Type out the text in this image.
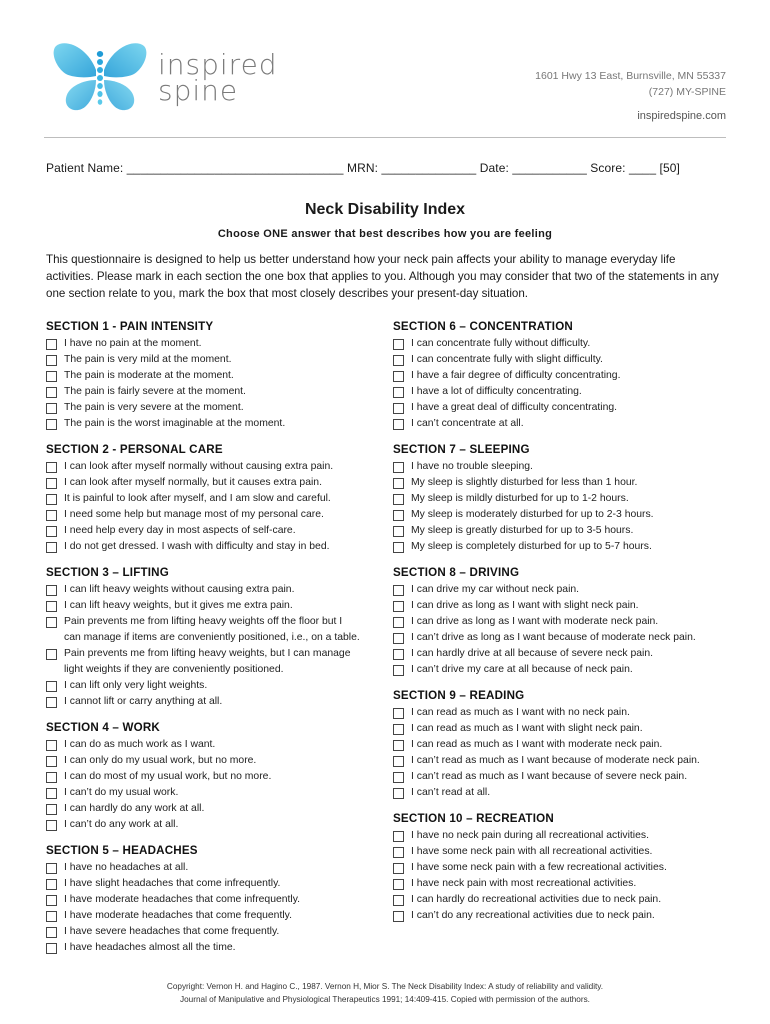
inspired
spine	1601 Hwy 13 East, Burnsville, MN 55337
(727) MY-SPINE
inspiredspine.com
Patient Name: ________________________________ MRN: ______________ Date: ___________ Score: ____ [50]
Neck Disability Index
Choose ONE answer that best describes how you are feeling
This questionnaire is designed to help us better understand how your neck pain affects your ability to manage everyday life activities. Please mark in each section the one box that applies to you. Although you may consider that two of the statements in any one section relate to you, mark the box that most closely describes your present-day situation.
SECTION 1 - PAIN INTENSITY
I have no pain at the moment.
The pain is very mild at the moment.
The pain is moderate at the moment.
The pain is fairly severe at the moment.
The pain is very severe at the moment.
The pain is the worst imaginable at the moment.
SECTION 2 - PERSONAL CARE
I can look after myself normally without causing extra pain.
I can look after myself normally, but it causes extra pain.
It is painful to look after myself, and I am slow and careful.
I need some help but manage most of my personal care.
I need help every day in most aspects of self-care.
I do not get dressed. I wash with difficulty and stay in bed.
SECTION 3 – LIFTING
I can lift heavy weights without causing extra pain.
I can lift heavy weights, but it gives me extra pain.
Pain prevents me from lifting heavy weights off the floor but I
can manage if items are conveniently positioned, i.e., on a table.
Pain prevents me from lifting heavy weights, but I can manage
light weights if they are conveniently positioned.
I can lift only very light weights.
I cannot lift or carry anything at all.
SECTION 4 – WORK
I can do as much work as I want.
I can only do my usual work, but no more.
I can do most of my usual work, but no more.
I can’t do my usual work.
I can hardly do any work at all.
I can’t do any work at all.
SECTION 5 – HEADACHES
I have no headaches at all.
I have slight headaches that come infrequently.
I have moderate headaches that come infrequently.
I have moderate headaches that come frequently.
I have severe headaches that come frequently.
I have headaches almost all the time.
SECTION 6 – CONCENTRATION
I can concentrate fully without difficulty.
I can concentrate fully with slight difficulty.
I have a fair degree of difficulty concentrating.
I have a lot of difficulty concentrating.
I have a great deal of difficulty concentrating.
I can’t concentrate at all.
SECTION 7 – SLEEPING
I have no trouble sleeping.
My sleep is slightly disturbed for less than 1 hour.
My sleep is mildly disturbed for up to 1-2 hours.
My sleep is moderately disturbed for up to 2-3 hours.
My sleep is greatly disturbed for up to 3-5 hours.
My sleep is completely disturbed for up to 5-7 hours.
SECTION 8 – DRIVING
I can drive my car without neck pain.
I can drive as long as I want with slight neck pain.
I can drive as long as I want with moderate neck pain.
I can’t drive as long as I want because of moderate neck pain.
I can hardly drive at all because of severe neck pain.
I can’t drive my care at all because of neck pain.
SECTION 9 – READING
I can read as much as I want with no neck pain.
I can read as much as I want with slight neck pain.
I can read as much as I want with moderate neck pain.
I can’t read as much as I want because of moderate neck pain.
I can’t read as much as I want because of severe neck pain.
I can’t read at all.
SECTION 10 – RECREATION
I have no neck pain during all recreational activities.
I have some neck pain with all recreational activities.
I have some neck pain with a few recreational activities.
I have neck pain with most recreational activities.
I can hardly do recreational activities due to neck pain.
I can’t do any recreational activities due to neck pain.
Copyright: Vernon H. and Hagino C., 1987. Vernon H, Mior S. The Neck Disability Index: A study of reliability and validity.
Journal of Manipulative and Physiological Therapeutics 1991; 14:409-415. Copied with permission of the authors.
